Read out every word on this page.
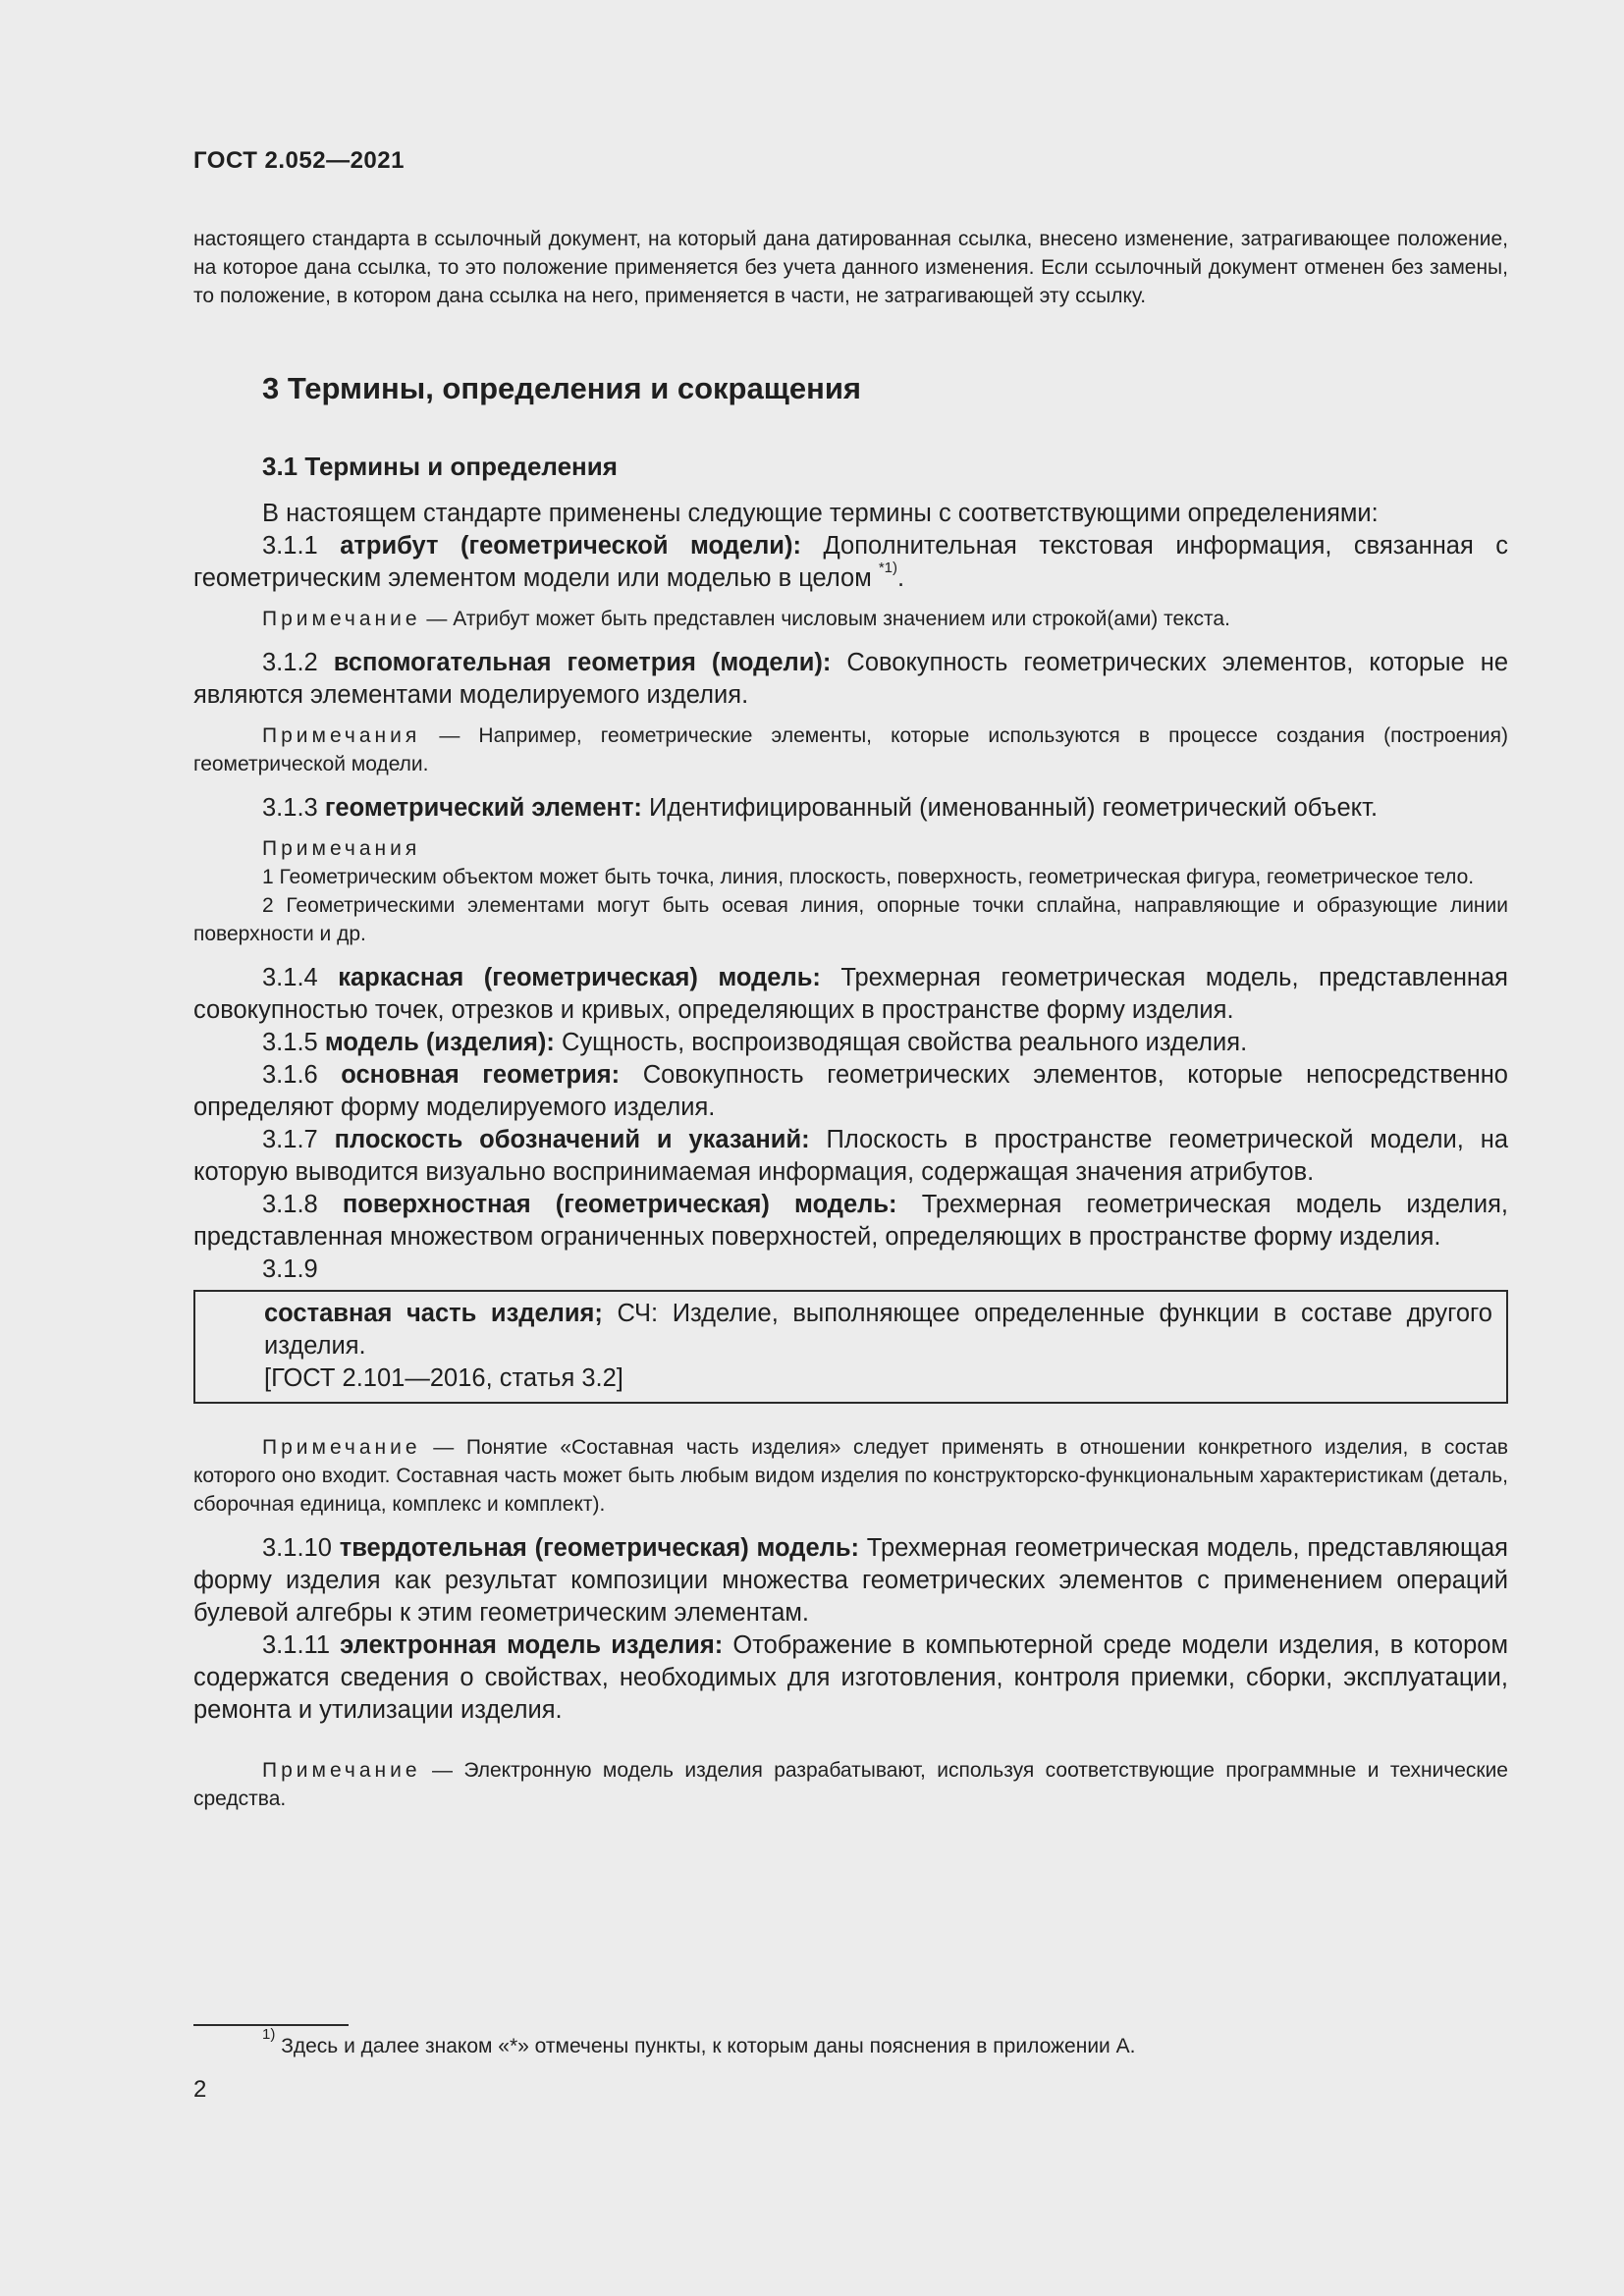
ГОСТ 2.052—2021

настоящего стандарта в ссылочный документ, на который дана датированная ссылка, внесено изменение, затрагивающее положение, на которое дана ссылка, то это положение применяется без учета данного изменения. Если ссылочный документ отменен без замены, то положение, в котором дана ссылка на него, применяется в части, не затрагивающей эту ссылку.

3 Термины, определения и сокращения
3.1 Термины и определения

В настоящем стандарте применены следующие термины с соответствующими определениями:

3.1.1 атрибут (геометрической модели): Дополнительная текстовая информация, связанная с геометрическим элементом модели или моделью в целом $^{*1)}$.

Примечание — Атрибут может быть представлен числовым значением или строкой(ами) текста.

3.1.2 вспомогательная геометрия (модели): Совокупность геометрических элементов, которые не являются элементами моделируемого изделия.

Примечания — Например, геометрические элементы, которые используются в процессе создания (построения) геометрической модели.

3.1.3 геометрический элемент: Идентифицированный (именованный) геометрический объект.

Примечания

1 Геометрическим объектом может быть точка, линия, плоскость, поверхность, геометрическая фигура, геометрическое тело.

2 Геометрическими элементами могут быть осевая линия, опорные точки сплайна, направляющие и образующие линии поверхности и др.

3.1.4 каркасная (геометрическая) модель: Трехмерная геометрическая модель, представленная совокупностью точек, отрезков и кривых, определяющих в пространстве форму изделия.

3.1.5 модель (изделия): Сущность, воспроизводящая свойства реального изделия.

3.1.6 основная геометрия: Совокупность геометрических элементов, которые непосредственно определяют форму моделируемого изделия.

3.1.7 плоскость обозначений и указаний: Плоскость в пространстве геометрической модели, на которую выводится визуально воспринимаемая информация, содержащая значения атрибутов.

3.1.8 поверхностная (геометрическая) модель: Трехмерная геометрическая модель изделия, представленная множеством ограниченных поверхностей, определяющих в пространстве форму изделия.

3.1.9

составная часть изделия; СЧ: Изделие, выполняющее определенные функции в составе другого изделия.

[ГОСТ 2.101—2016, статья 3.2]

Примечание — Понятие «Составная часть изделия» следует применять в отношении конкретного изделия, в состав которого оно входит. Составная часть может быть любым видом изделия по конструкторско-функциональным характеристикам (деталь, сборочная единица, комплекс и комплект).

3.1.10 твердотельная (геометрическая) модель: Трехмерная геометрическая модель, представляющая форму изделия как результат композиции множества геометрических элементов с применением операций булевой алгебры к этим геометрическим элементам.

3.1.11 электронная модель изделия: Отображение в компьютерной среде модели изделия, в котором содержатся сведения о свойствах, необходимых для изготовления, контроля приемки, сборки, эксплуатации, ремонта и утилизации изделия.

Примечание — Электронную модель изделия разрабатывают, используя соответствующие программные и технические средства.

$^{1)}$ Здесь и далее знаком «*» отмечены пункты, к которым даны пояснения в приложении А.
2
